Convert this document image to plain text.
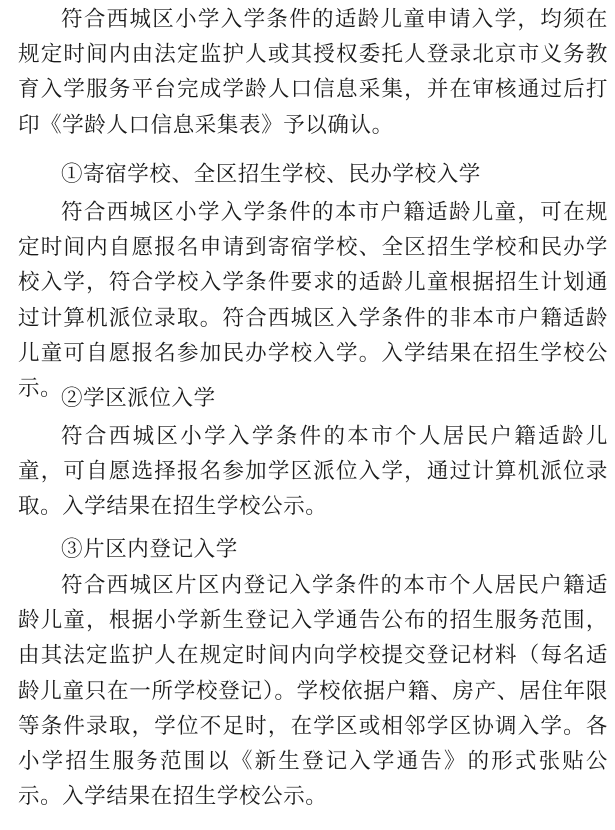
符合西城区小学入学条件的适龄儿童申请入学，均须在规定时间内由法定监护人或其授权委托人登录北京市义务教育入学服务平台完成学龄人口信息采集，并在审核通过后打印《学龄人口信息采集表》予以确认。

①寄宿学校、全区招生学校、民办学校入学

符合西城区小学入学条件的本市户籍适龄儿童，可在规定时间内自愿报名申请到寄宿学校、全区招生学校和民办学校入学，符合学校入学条件要求的适龄儿童根据招生计划通过计算机派位录取。符合西城区入学条件的非本市户籍适龄儿童可自愿报名参加民办学校入学。入学结果在招生学校公示。

②学区派位入学

符合西城区小学入学条件的本市个人居民户籍适龄儿童，可自愿选择报名参加学区派位入学，通过计算机派位录取。入学结果在招生学校公示。

③片区内登记入学

符合西城区片区内登记入学条件的本市个人居民户籍适龄儿童，根据小学新生登记入学通告公布的招生服务范围，由其法定监护人在规定时间内向学校提交登记材料（每名适龄儿童只在一所学校登记）。学校依据户籍、房产、居住年限等条件录取，学位不足时，在学区或相邻学区协调入学。各小学招生服务范围以《新生登记入学通告》的形式张贴公示。入学结果在招生学校公示。
